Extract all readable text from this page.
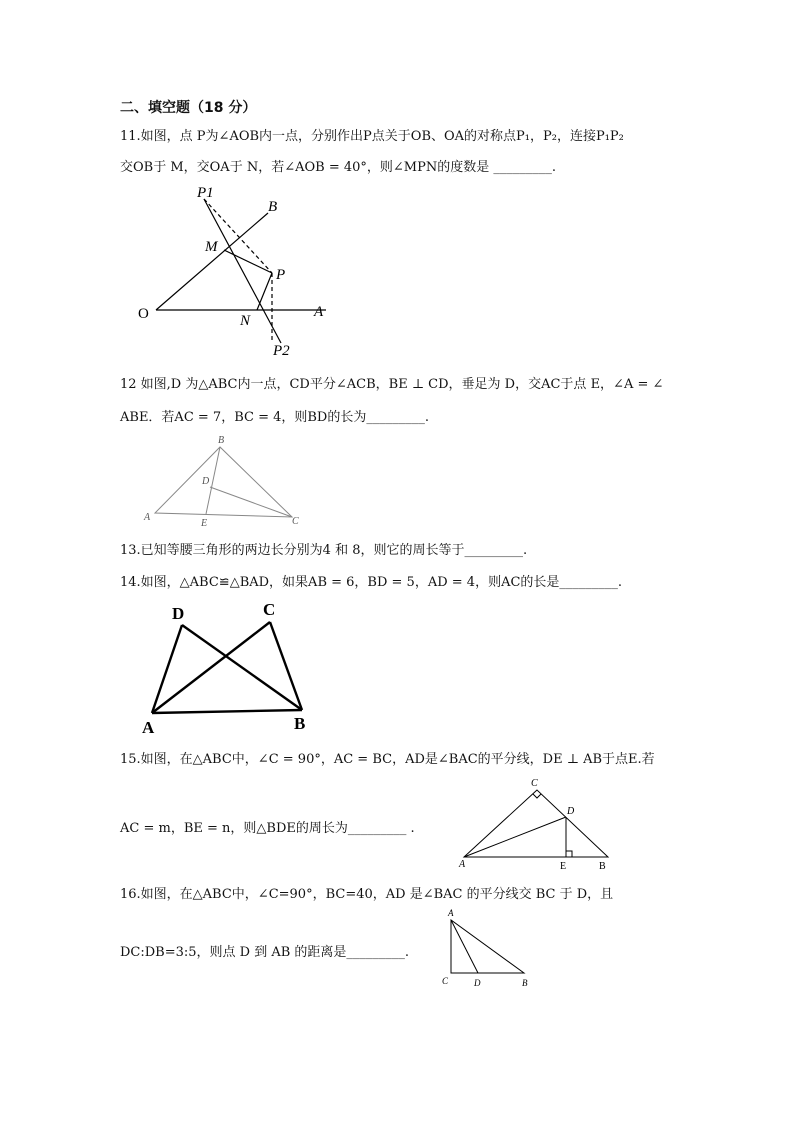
二、填空题（18 分）
11.如图，点 P为∠AOB内一点，分别作出P点关于OB、OA的对称点P₁，P₂，连接P₁P₂
交OB于 M，交OA于 N，若∠AOB = 40°，则∠MPN的度数是 _________.
P1
B
M
P
O	N
A
P2
12 如图,D 为△ABC内一点，CD平分∠ACB，BE ⊥ CD，垂足为 D，交AC于点 E，∠A = ∠
ABE．若AC = 7，BC = 4，则BD的长为_________.
B
D
A
E	C
13.已知等腰三角形的两边长分别为4 和 8，则它的周长等于_________.
14.如图，△ABC≌△BAD，如果AB = 6，BD = 5，AD = 4，则AC的长是_________.
D	C
A	B
15.如图，在△ABC中，∠C = 90°，AC = BC，AD是∠BAC的平分线，DE ⊥ AB于点E.若
AC = m，BE = n，则△BDE的周长为_________ .
C
D
A	E	B
16.如图，在△ABC中，∠C=90°，BC=40，AD 是∠BAC 的平分线交 BC 于 D，且
DC:DB=3:5，则点 D 到 AB 的距离是_________.
A
C	D	B
